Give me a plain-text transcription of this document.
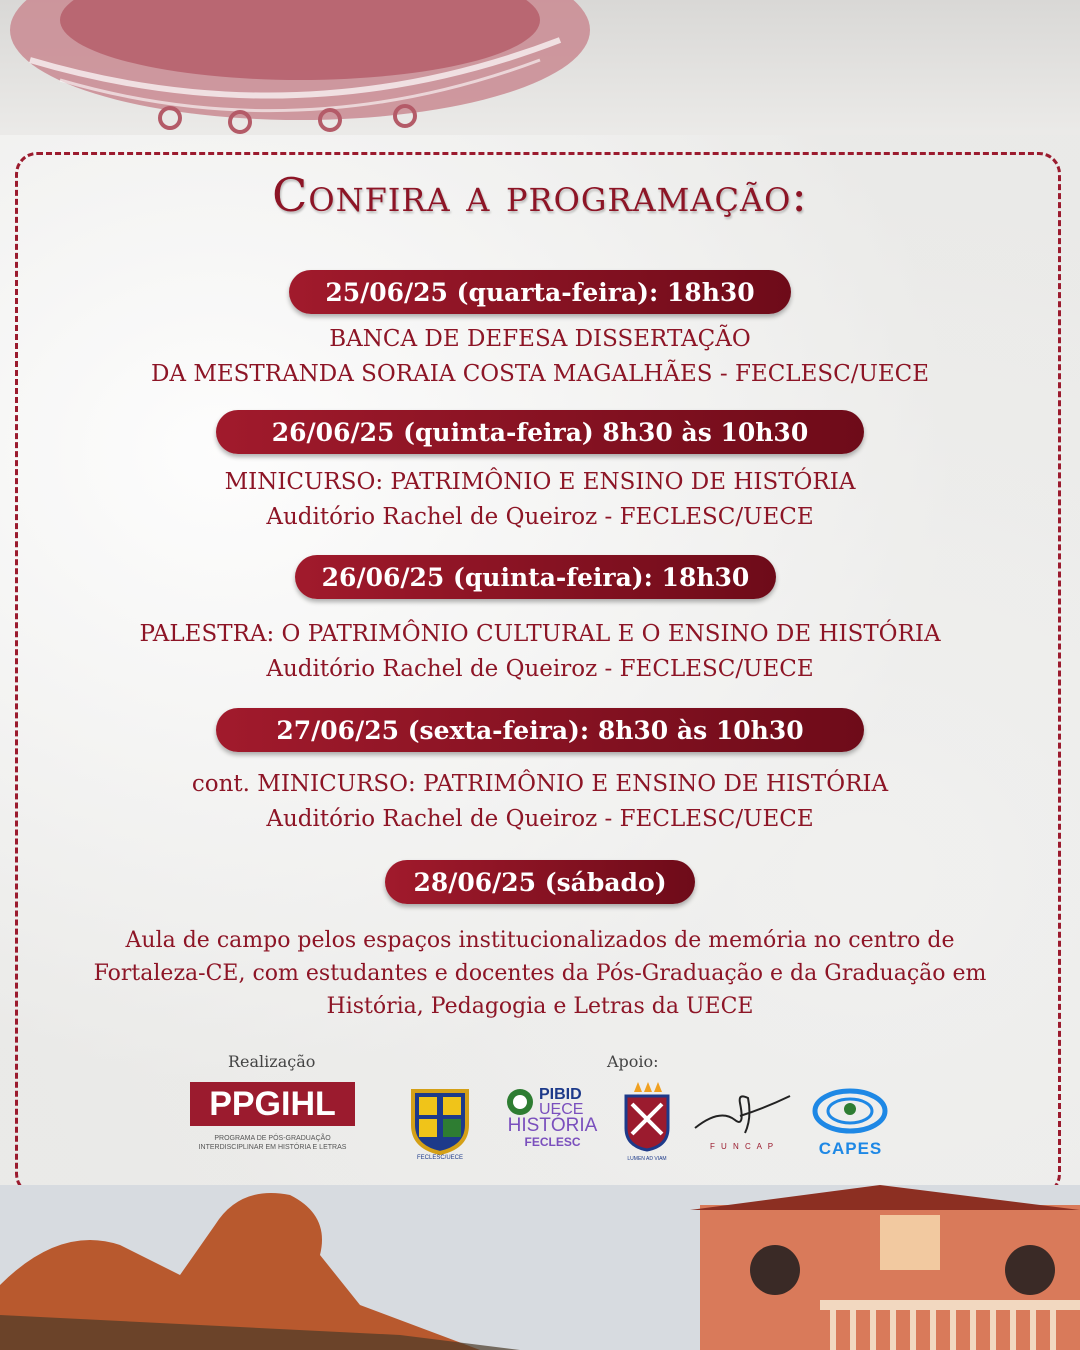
Confira a programação:
25/06/25 (quarta-feira): 18h30
BANCA DE DEFESA DISSERTAÇÃO
DA MESTRANDA SORAIA COSTA MAGALHÃES - FECLESC/UECE
26/06/25 (quinta-feira) 8h30 às 10h30
MINICURSO: PATRIMÔNIO E ENSINO DE HISTÓRIA
Auditório Rachel de Queiroz - FECLESC/UECE
26/06/25 (quinta-feira): 18h30
PALESTRA: O PATRIMÔNIO CULTURAL E O ENSINO DE HISTÓRIA
Auditório Rachel de Queiroz - FECLESC/UECE
27/06/25 (sexta-feira): 8h30 às 10h30
cont. MINICURSO: PATRIMÔNIO E ENSINO DE HISTÓRIA
Auditório Rachel de Queiroz - FECLESC/UECE
28/06/25 (sábado)
Aula de campo pelos espaços institucionalizados de memória no centro de
Fortaleza-CE, com estudantes e docentes da Pós-Graduação e da Graduação em
História, Pedagogia e Letras da UECE
Realização	Apoio:
PPGIHL
PROGRAMA DE PÓS-GRADUAÇÃO
INTERDISCIPLINAR EM HISTÓRIA E LETRAS
FECLESC/UECE
PIBID
UECE
HISTÓRIA
FECLESC
LUMEN AD VIAM
F U N C A P	CAPES
